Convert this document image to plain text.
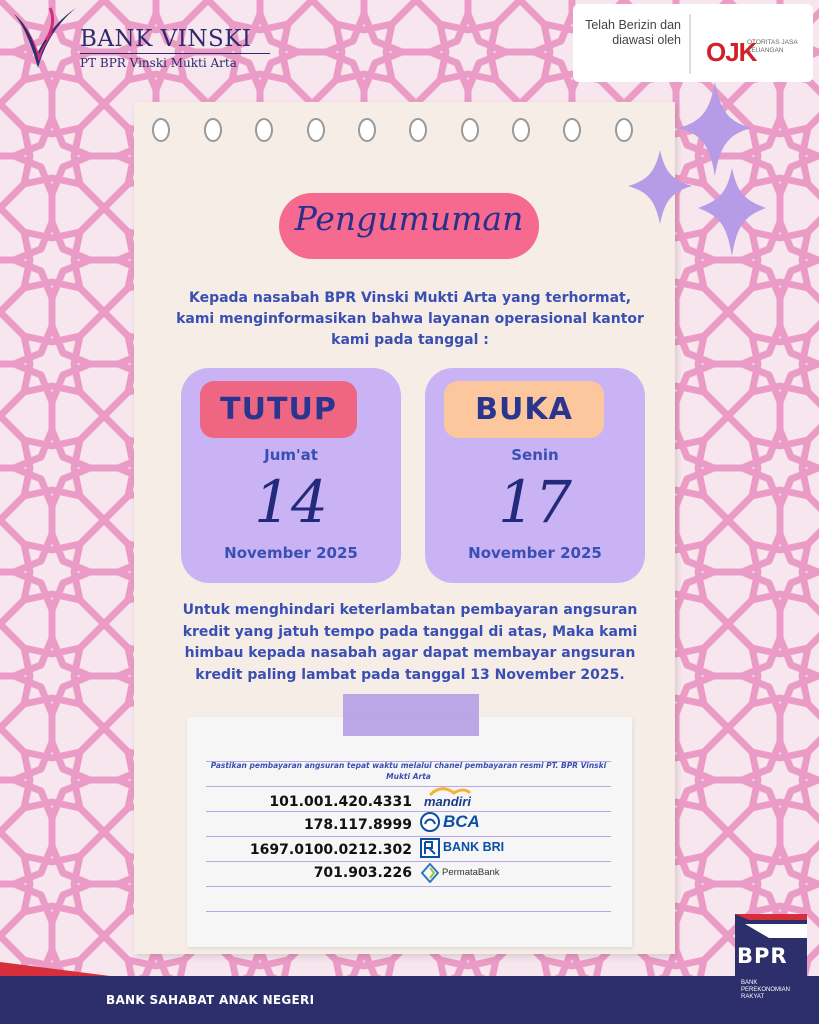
BANK VINSKI
PT BPR Vinski Mukti Arta
Telah Berizin dan diawasi oleh OJK
OTORITAS JASA KEUANGAN
Pengumuman
Kepada nasabah BPR Vinski Mukti Arta yang terhormat, kami menginformasikan bahwa layanan operasional kantor kami pada tanggal :
TUTUP
Jum'at
14
November 2025
BUKA
Senin
17
November 2025
Untuk menghindari keterlambatan pembayaran angsuran kredit yang jatuh tempo pada tanggal di atas, Maka kami himbau kepada nasabah agar dapat membayar angsuran kredit paling lambat pada tanggal 13 November 2025.
Pastikan pembayaran angsuran tepat waktu melalui chanel pembayaran resmi PT. BPR Vinski Mukti Arta
101.001.420.4331
178.117.8999
1697.0100.0212.302
701.903.226
mandiri
BCA
BANK BRI
PermataBank
BANK SAHABAT ANAK NEGERI
BPR
BANK PEREKONOMIAN RAKYAT
